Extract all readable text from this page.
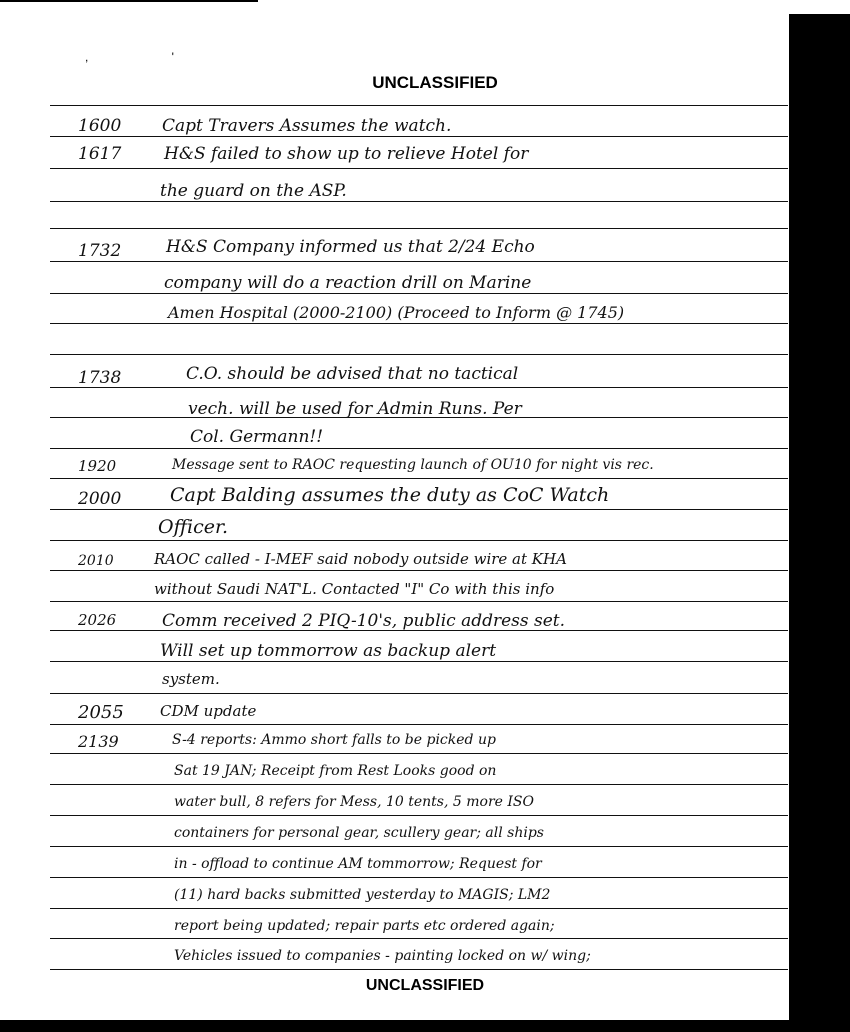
, '
UNCLASSIFIED
1600 Capt Travers Assumes the watch.
1617	H&S failed to show up to relieve Hotel for
the guard on the ASP.
1732	H&S Company informed us that 2/24 Echo
company will do a reaction drill on Marine
Amen Hospital (2000-2100) (Proceed to Inform @ 1745)
1738	C.O. should be advised that no tactical
vech. will be used for Admin Runs. Per
Col. Germann!!
1920	Message sent to RAOC requesting launch of OU10 for night vis rec.
2000	Capt Balding assumes the duty as CoC Watch
Officer.
2010	RAOC called - I-MEF said nobody outside wire at KHA
without Saudi NAT'L. Contacted "I" Co with this info
2026	Comm received 2 PIQ-10's, public address set.
Will set up tommorrow as backup alert
system.
2055 CDM update
2139	S-4 reports: Ammo short falls to be picked up
Sat 19 JAN; Receipt from Rest Looks good on
water bull, 8 refers for Mess, 10 tents, 5 more ISO
containers for personal gear, scullery gear; all ships
in - offload to continue AM tommorrow; Request for
(11) hard backs submitted yesterday to MAGIS; LM2
report being updated; repair parts etc ordered again;
Vehicles issued to companies - painting locked on w/ wing;
UNCLASSIFIED
